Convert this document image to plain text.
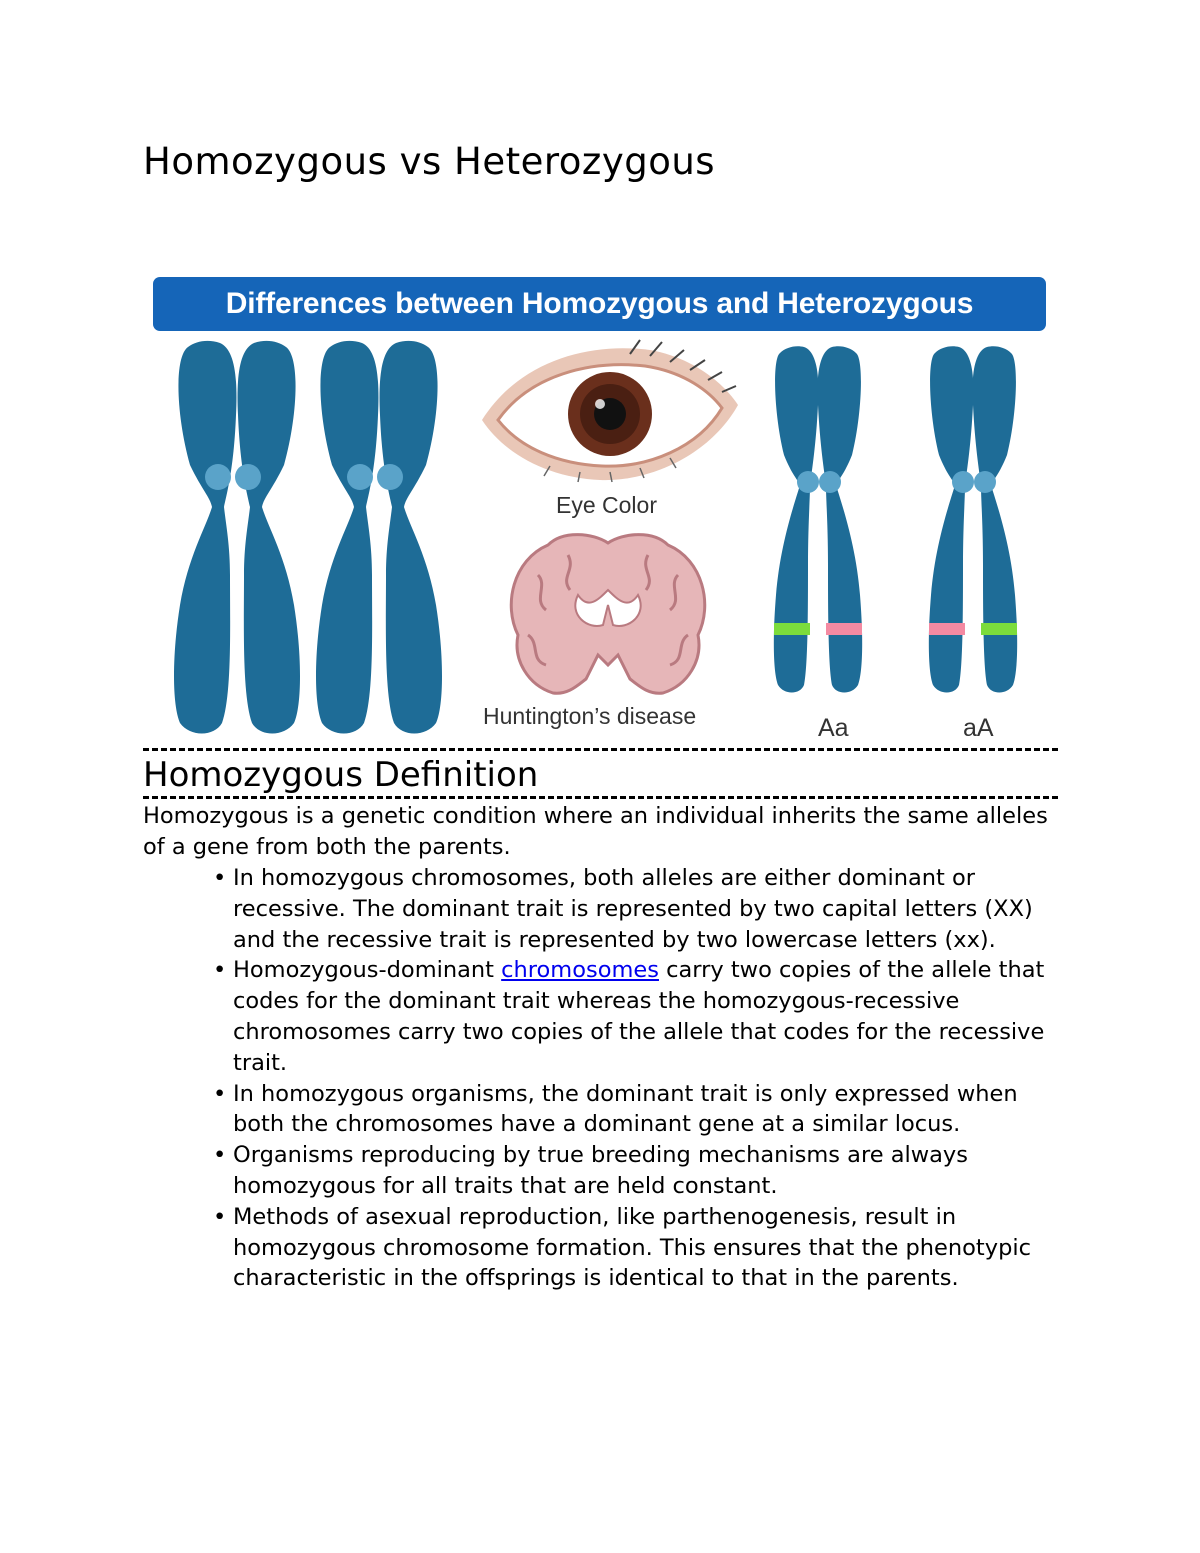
Homozygous vs Heterozygous
Differences between Homozygous and Heterozygous
Eye Color
Huntington’s disease	Aa	aA
Homozygous Definition

Homozygous is a genetic condition where an individual inherits the same alleles of a gene from both the parents.

• In homozygous chromosomes, both alleles are either dominant or recessive. The dominant trait is represented by two capital letters (XX) and the recessive trait is represented by two lowercase letters (xx).
• Homozygous-dominant chromosomes carry two copies of the allele that codes for the dominant trait whereas the homozygous-recessive chromosomes carry two copies of the allele that codes for the recessive trait.
• In homozygous organisms, the dominant trait is only expressed when both the chromosomes have a dominant gene at a similar locus.
• Organisms reproducing by true breeding mechanisms are always homozygous for all traits that are held constant.
• Methods of asexual reproduction, like parthenogenesis, result in homozygous chromosome formation. This ensures that the phenotypic characteristic in the offsprings is identical to that in the parents.
